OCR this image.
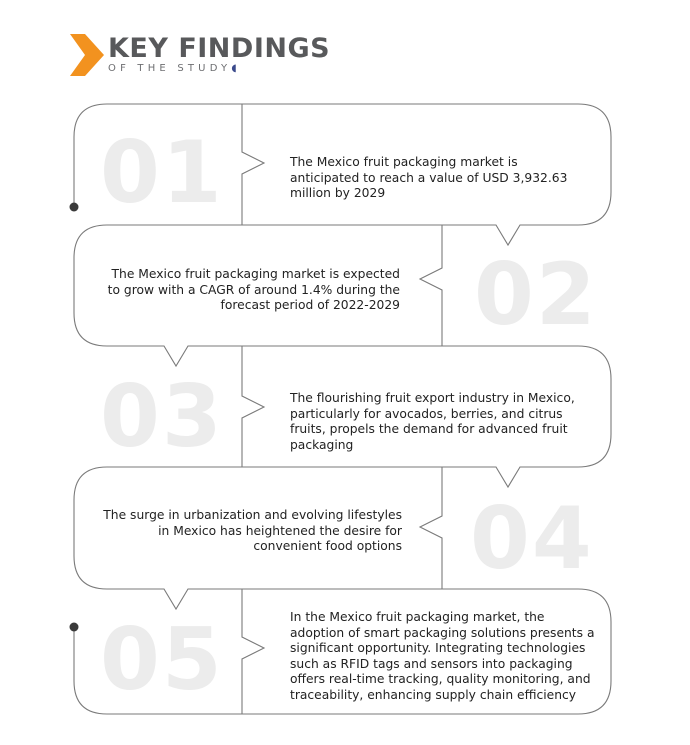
KEY FINDINGS
OF THE STUDY◖
01
02
03
04
05
The Mexico fruit packaging market is anticipated to reach a value of USD 3,932.63 million by 2029
The Mexico fruit packaging market is expected to grow with a CAGR of around 1.4% during the forecast period of 2022-2029
The flourishing fruit export industry in Mexico, particularly for avocados, berries, and citrus fruits, propels the demand for advanced fruit packaging
The surge in urbanization and evolving lifestyles in Mexico has heightened the desire for convenient food options
In the Mexico fruit packaging market, the adoption of smart packaging solutions presents a significant opportunity. Integrating technologies such as RFID tags and sensors into packaging offers real-time tracking, quality monitoring, and traceability, enhancing supply chain efficiency
